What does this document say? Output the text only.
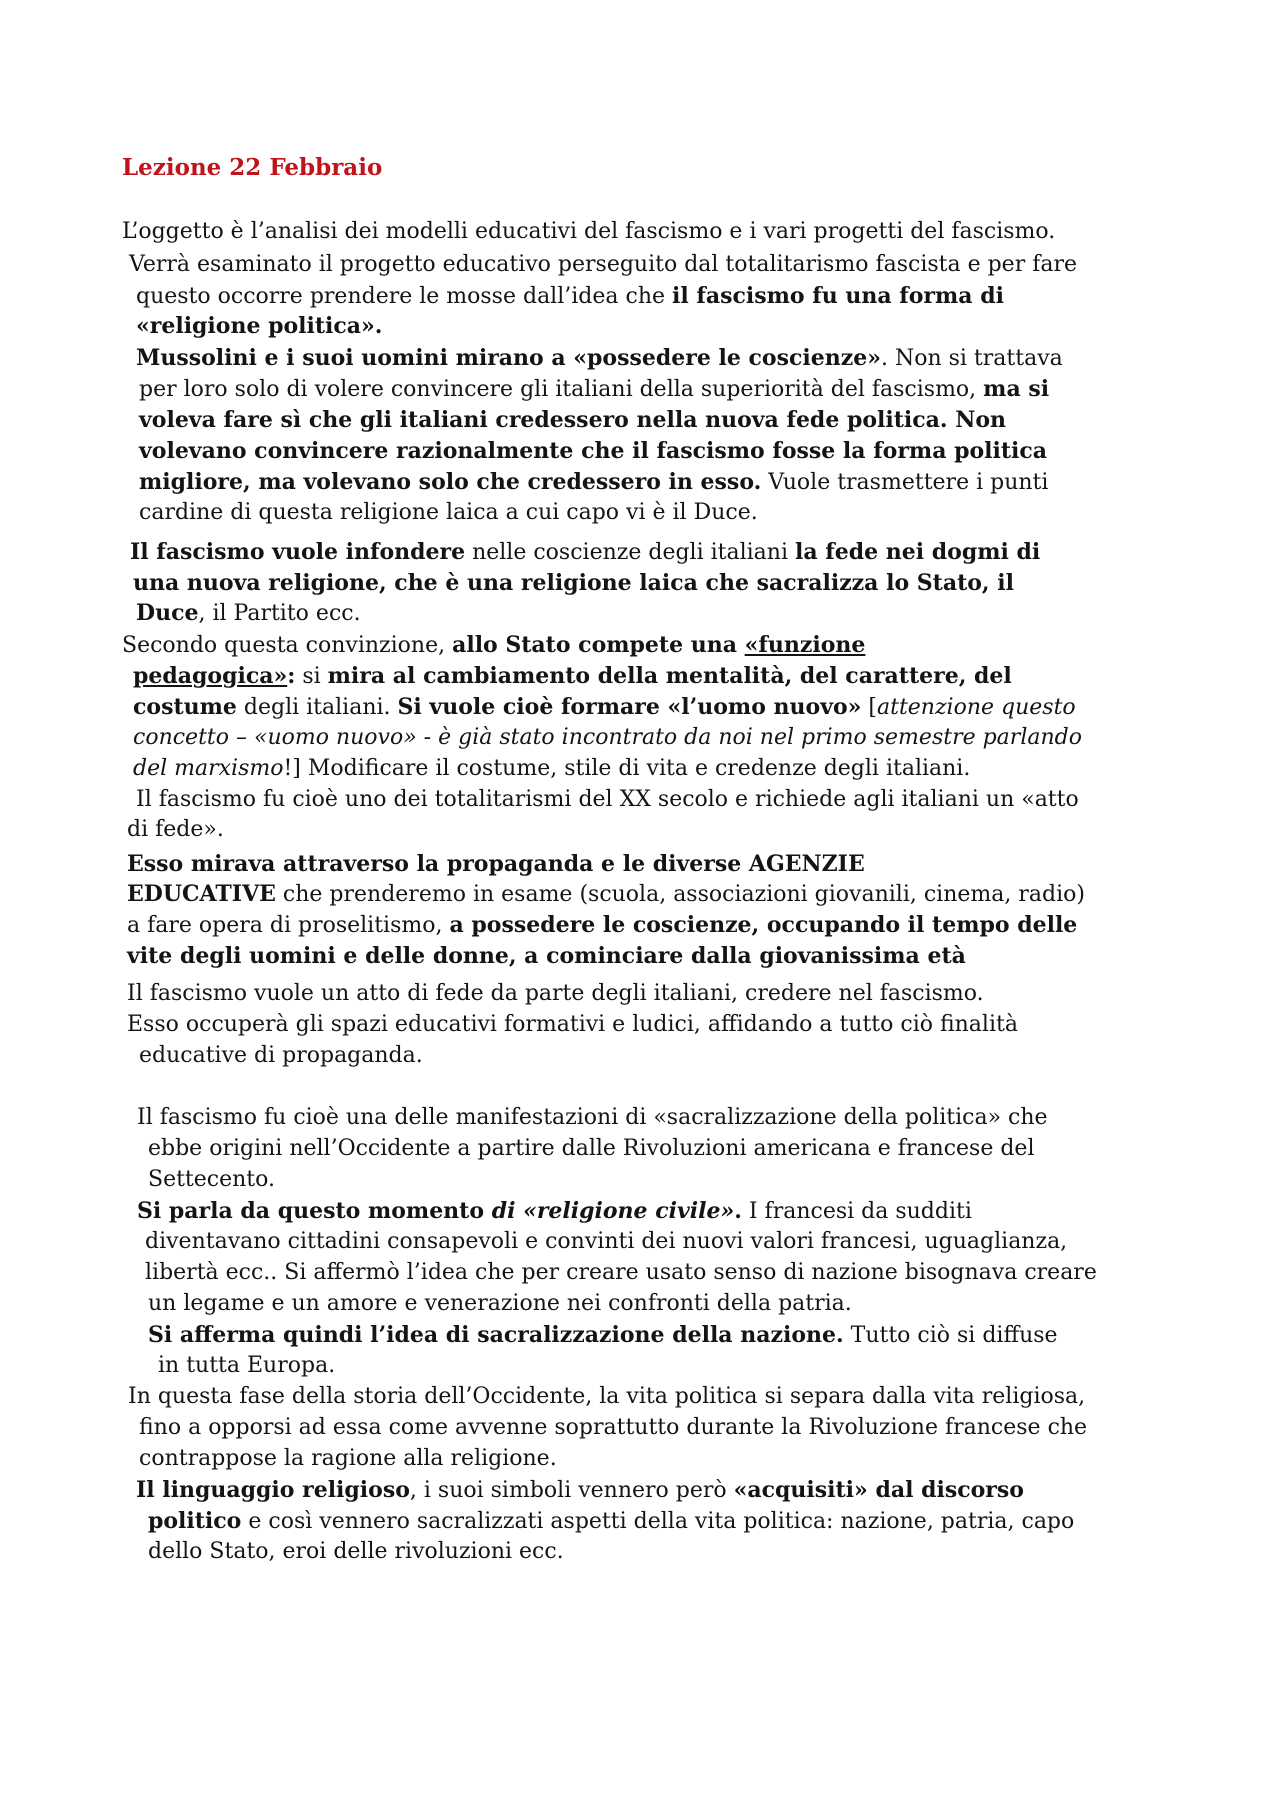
Lezione 22 Febbraio

L’oggetto è l’analisi dei modelli educativi del fascismo e i vari progetti del fascismo.

Verrà esaminato il progetto educativo perseguito dal totalitarismo fascista e per fare

questo occorre prendere le mosse dall’idea che il fascismo fu una forma di

«religione politica».

Mussolini e i suoi uomini mirano a «possedere le coscienze». Non si trattava

per loro solo di volere convincere gli italiani della superiorità del fascismo, ma si

voleva fare sì che gli italiani credessero nella nuova fede politica. Non

volevano convincere razionalmente che il fascismo fosse la forma politica

migliore, ma volevano solo che credessero in esso. Vuole trasmettere i punti

cardine di questa religione laica a cui capo vi è il Duce.

Il fascismo vuole infondere nelle coscienze degli italiani la fede nei dogmi di

una nuova religione, che è una religione laica che sacralizza lo Stato, il

Duce, il Partito ecc.

Secondo questa convinzione, allo Stato compete una «funzione

pedagogica»: si mira al cambiamento della mentalità, del carattere, del

costume degli italiani. Si vuole cioè formare «l’uomo nuovo» [attenzione questo

concetto – «uomo nuovo» - è già stato incontrato da noi nel primo semestre parlando

del marxismo!] Modificare il costume, stile di vita e credenze degli italiani.

Il fascismo fu cioè uno dei totalitarismi del XX secolo e richiede agli italiani un «atto

di fede».

Esso mirava attraverso la propaganda e le diverse AGENZIE

EDUCATIVE che prenderemo in esame (scuola, associazioni giovanili, cinema, radio)

a fare opera di proselitismo, a possedere le coscienze, occupando il tempo delle

vite degli uomini e delle donne, a cominciare dalla giovanissima età

Il fascismo vuole un atto di fede da parte degli italiani, credere nel fascismo.

Esso occuperà gli spazi educativi formativi e ludici, affidando a tutto ciò finalità

educative di propaganda.

Il fascismo fu cioè una delle manifestazioni di «sacralizzazione della politica» che

ebbe origini nell’Occidente a partire dalle Rivoluzioni americana e francese del

Settecento.

Si parla da questo momento di «religione civile». I francesi da sudditi

diventavano cittadini consapevoli e convinti dei nuovi valori francesi, uguaglianza,

libertà ecc.. Si affermò l’idea che per creare usato senso di nazione bisognava creare

un legame e un amore e venerazione nei confronti della patria.

Si afferma quindi l’idea di sacralizzazione della nazione. Tutto ciò si diffuse

in tutta Europa.

In questa fase della storia dell’Occidente, la vita politica si separa dalla vita religiosa,

fino a opporsi ad essa come avvenne soprattutto durante la Rivoluzione francese che

contrappose la ragione alla religione.

Il linguaggio religioso, i suoi simboli vennero però «acquisiti» dal discorso

politico e così vennero sacralizzati aspetti della vita politica: nazione, patria, capo

dello Stato, eroi delle rivoluzioni ecc.
